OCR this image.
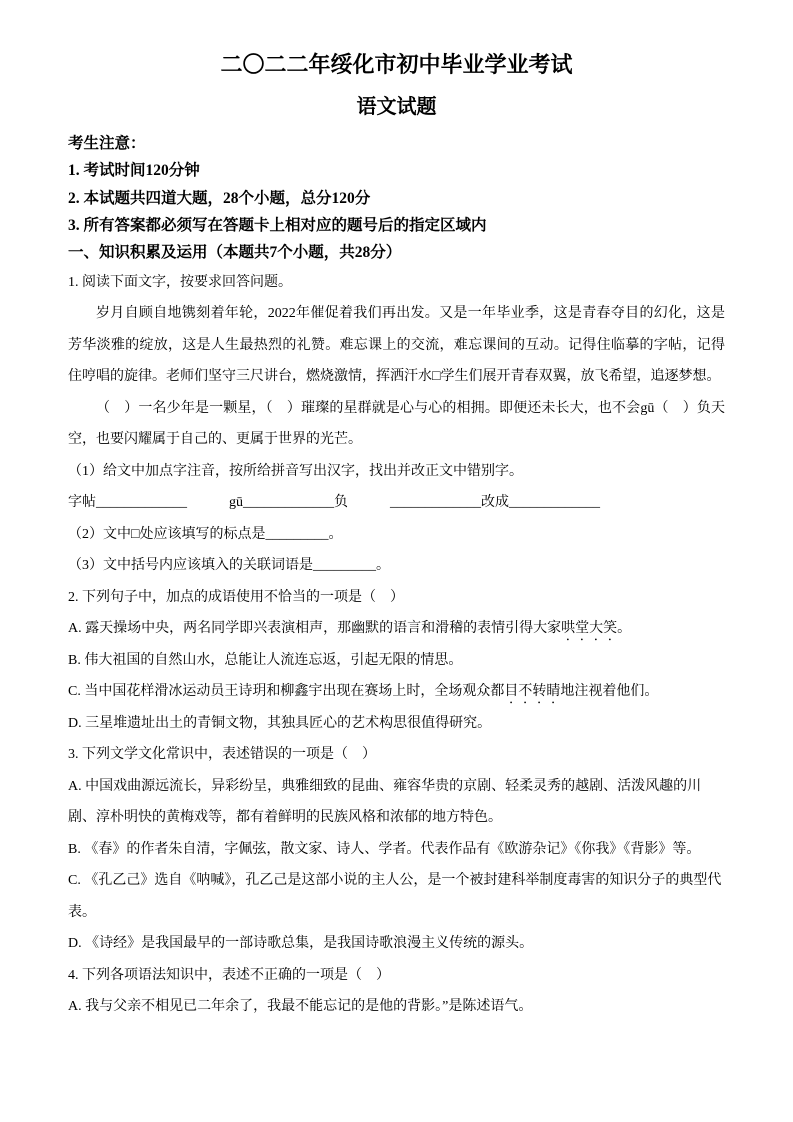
二〇二二年绥化市初中毕业学业考试
语文试题

考生注意：

1. 考试时间120分钟

2. 本试题共四道大题，28个小题，总分120分

3. 所有答案都必须写在答题卡上相对应的题号后的指定区域内

一、知识积累及运用（本题共7个小题，共28分）

1. 阅读下面文字，按要求回答问题。

岁月自顾自地镌刻着年轮，2022年催促着我们再出发。又是一年毕业季，这是青春夺目的幻化，这是芳华淡雅的绽放，这是人生最热烈的礼赞。难忘课上的交流，难忘课间的互动。记得住临摹的字帖，记得住哼唱的旋律。老师们坚守三尺讲台，燃烧激情，挥洒汗水□学生们展开青春双翼，放飞希望，追逐梦想。

（　）一名少年是一颗星，（　）璀璨的星群就是心与心的相拥。即便还未长大，也不会gū（　）负天空，也要闪耀属于自己的、更属于世界的光芒。

（1）给文中加点字注音，按所给拼音写出汉字，找出并改正文中错别字。

字帖_____________            gū_____________负            _____________改成_____________

（2）文中□处应该填写的标点是_________。

（3）文中括号内应该填入的关联词语是_________。

2. 下列句子中，加点的成语使用不恰当的一项是（　）

A. 露天操场中央，两名同学即兴表演相声，那幽默的语言和滑稽的表情引得大家哄堂大笑。

B. 伟大祖国的自然山水，总能让人流连忘返，引起无限的情思。

C. 当中国花样滑冰运动员王诗玥和柳鑫宇出现在赛场上时，全场观众都目不转睛地注视着他们。

D. 三星堆遗址出土的青铜文物，其独具匠心的艺术构思很值得研究。

3. 下列文学文化常识中，表述错误的一项是（　）

A. 中国戏曲源远流长，异彩纷呈，典雅细致的昆曲、雍容华贵的京剧、轻柔灵秀的越剧、活泼风趣的川剧、淳朴明快的黄梅戏等，都有着鲜明的民族风格和浓郁的地方特色。

B. 《春》的作者朱自清，字佩弦，散文家、诗人、学者。代表作品有《欧游杂记》《你我》《背影》等。

C. 《孔乙己》选自《呐喊》，孔乙己是这部小说的主人公，是一个被封建科举制度毒害的知识分子的典型代表。

D. 《诗经》是我国最早的一部诗歌总集，是我国诗歌浪漫主义传统的源头。

4. 下列各项语法知识中，表述不正确的一项是（　）

A. 我与父亲不相见已二年余了，我最不能忘记的是他的背影。”是陈述语气。
